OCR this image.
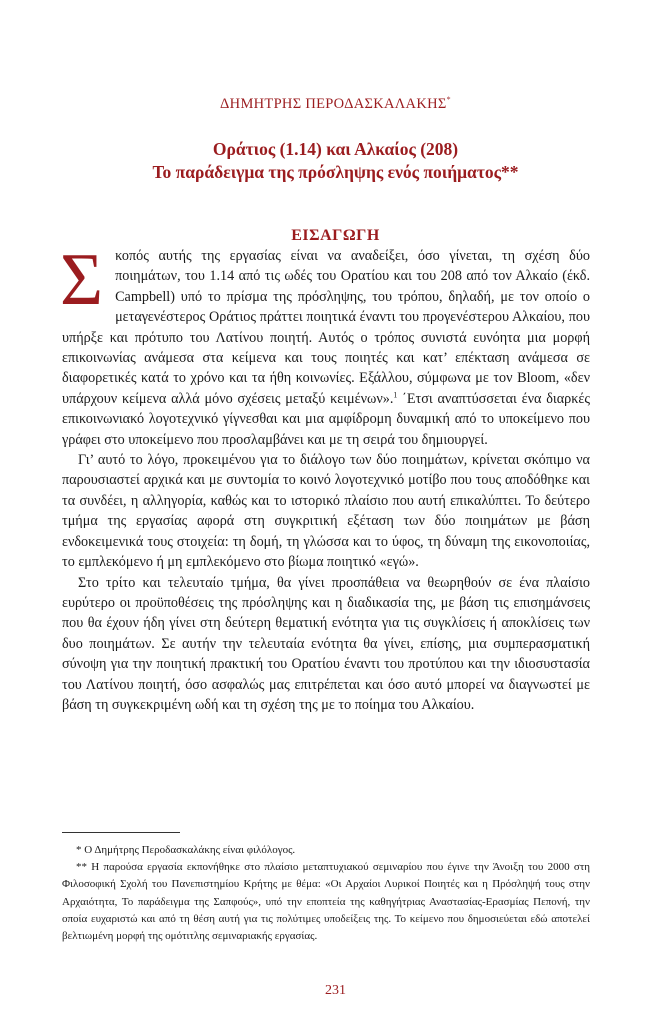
ΔΗΜΗΤΡΗΣ ΠΕΡΟΔΑΣΚΑΛΑΚΗΣ*
Οράτιος (1.14) και Αλκαίος (208)
Το παράδειγμα της πρόσληψης ενός ποιήματος**
ΕΙΣΑΓΩΓΗ

Σκοπός αυτής της εργασίας είναι να αναδείξει, όσο γίνεται, τη σχέση δύο ποιημάτων, του 1.14 από τις ωδές του Ορατίου και του 208 από τον Αλκαίο (έκδ. Campbell) υπό το πρίσμα της πρόσληψης, του τρόπου, δηλαδή, με τον οποίο ο μεταγενέστερος Οράτιος πράττει ποιητικά έναντι του προγενέστερου Αλκαίου, που υπήρξε και πρότυπο του Λατίνου ποιητή. Αυτός ο τρόπος συνιστά ευνόητα μια μορφή επικοινωνίας ανάμεσα στα κείμενα και τους ποιητές και κατ’ επέκταση ανάμεσα σε διαφορετικές κατά το χρόνο και τα ήθη κοινωνίες. Εξάλλου, σύμφωνα με τον Bloom, «δεν υπάρχουν κείμενα αλλά μόνο σχέσεις μεταξύ κειμένων».$^1$ ΄Ετσι αναπτύσσεται ένα διαρκές επικοινωνιακό λογοτεχνικό γίγνεσθαι και μια αμφίδρομη δυναμική από το υποκείμενο που γράφει στο υποκείμενο που προσλαμβάνει και με τη σειρά του δημιουργεί.

Γι’ αυτό το λόγο, προκειμένου για το διάλογο των δύο ποιημάτων, κρίνεται σκόπιμο να παρουσιαστεί αρχικά και με συντομία το κοινό λογοτεχνικό μοτίβο που τους αποδόθηκε και τα συνδέει, η αλληγορία, καθώς και το ιστορικό πλαίσιο που αυτή επικαλύπτει. Το δεύτερο τμήμα της εργασίας αφορά στη συγκριτική εξέταση των δύο ποιημάτων με βάση ενδοκειμενικά τους στοιχεία: τη δομή, τη γλώσσα και το ύφος, τη δύναμη της εικονοποιίας, το εμπλεκόμενο ή μη εμπλεκόμενο στο βίωμα ποιητικό «εγώ».

Στο τρίτο και τελευταίο τμήμα, θα γίνει προσπάθεια να θεωρηθούν σε ένα πλαίσιο ευρύτερο οι προϋποθέσεις της πρόσληψης και η διαδικασία της, με βάση τις επισημάνσεις που θα έχουν ήδη γίνει στη δεύτερη θεματική ενότητα για τις συγκλίσεις ή αποκλίσεις των δυο ποιημάτων. Σε αυτήν την τελευταία ενότητα θα γίνει, επίσης, μια συμπερασματική σύνοψη για την ποιητική πρακτική του Ορατίου έναντι του προτύπου και την ιδιοσυστασία του Λατίνου ποιητή, όσο ασφαλώς μας επιτρέπεται και όσο αυτό μπορεί να διαγνωστεί με βάση τη συγκεκριμένη ωδή και τη σχέση της με το ποίημα του Αλκαίου.

* Ο Δημήτρης Περοδασκαλάκης είναι φιλόλογος.

** Η παρούσα εργασία εκπονήθηκε στο πλαίσιο μεταπτυχιακού σεμιναρίου που έγινε την Άνοιξη του 2000 στη Φιλοσοφική Σχολή του Πανεπιστημίου Κρήτης με θέμα: «Οι Αρχαίοι Λυρικοί Ποιητές και η Πρόσληψή τους στην Αρχαιότητα, Το παράδειγμα της Σαπφούς», υπό την εποπτεία της καθηγήτριας Αναστασίας-Ερασμίας Πεπονή, την οποία ευχαριστώ και από τη θέση αυτή για τις πολύτιμες υποδείξεις της. Το κείμενο που δημοσιεύεται εδώ αποτελεί βελτιωμένη μορφή της ομότιτλης σεμιναριακής εργασίας.

231
